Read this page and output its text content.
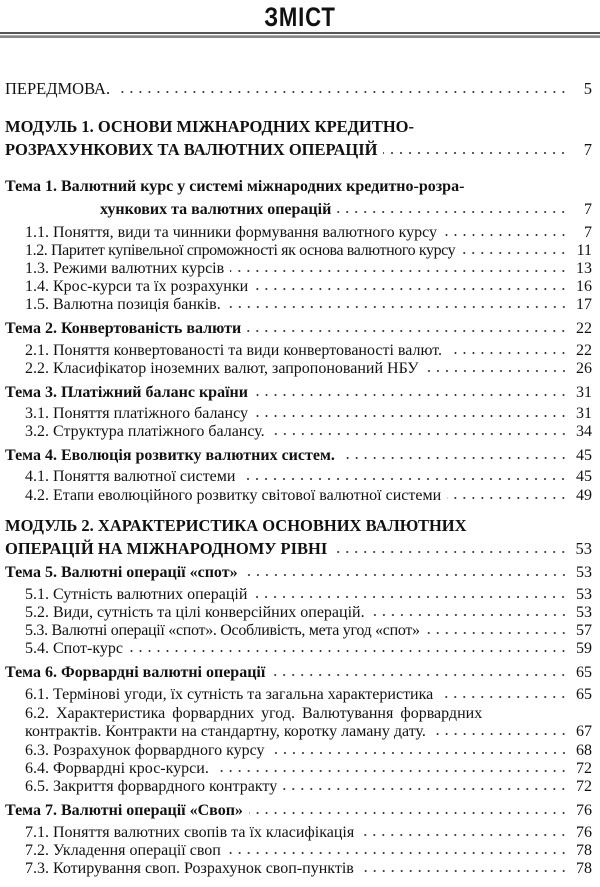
ЗМІСТ
ПЕРЕДМОВА.	5
МОДУЛЬ 1. ОСНОВИ МІЖНАРОДНИХ КРЕДИТНО-
РОЗРАХУНКОВИХ ТА ВАЛЮТНИХ ОПЕРАЦІЙ	7
Тема 1. Валютний курс у системі міжнародних кредитно-розра-
хункових та валютних операцій	7
1.1. Поняття, види та чинники формування валютного курсу	7
1.2. Паритет купівельної спроможності як основа валютного курсу	11
1.3. Режими валютних курсів	13
1.4. Крос-курси та їх розрахунки	16
1.5. Валютна позиція банків.	17
Тема 2. Конвертованість валюти	22
2.1. Поняття конвертованості та види конвертованості валют.	22
2.2. Класифікатор іноземних валют, запропонований НБУ	26
Тема 3. Платіжний баланс країни	31
3.1. Поняття платіжного балансу	31
3.2. Структура платіжного балансу.	34
Тема 4. Еволюція розвитку валютних систем.	45
4.1. Поняття валютної системи	45
4.2. Етапи еволюційного розвитку світової валютної системи	49
МОДУЛЬ 2. ХАРАКТЕРИСТИКА ОСНОВНИХ ВАЛЮТНИХ
ОПЕРАЦІЙ НА МІЖНАРОДНОМУ РІВНІ	53
Тема 5. Валютні операції «спот»	53
5.1. Сутність валютних операцій	53
5.2. Види, сутність та цілі конверсійних операцій.	53
5.3. Валютні операції «спот». Особливість, мета угод «спот»	57
5.4. Спот-курс	59
Тема 6. Форвардні валютні операції	65
6.1. Термінові угоди, їх сутність та загальна характеристика	65
6.2. Характеристика форвардних угод. Валютування форвардних
контрактів. Контракти на стандартну, коротку ламану дату.	67
6.3. Розрахунок форвардного курсу	68
6.4. Форвардні крос-курси.	72
6.5. Закриття форвардного контракту	72
Тема 7. Валютні операції «Своп»	76
7.1. Поняття валютних свопів та їх класифікація	76
7.2. Укладення операції своп	78
7.3. Котирування своп. Розрахунок своп-пунктів	78
